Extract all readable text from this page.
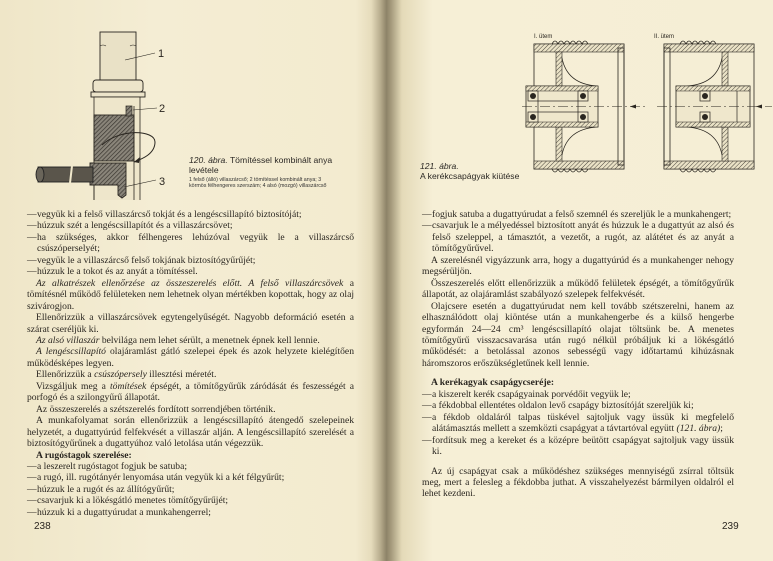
1
2
3
120. ábra. Tömítéssel kombinált anya levétele
1 felső (álló) villaszárcső; 2 tömítéssel kombinált anya; 3 körmös félhengeres szerszám; 4 alsó (mozgó) villaszárcső

—vegyük ki a felső villaszárcső tokját és a lengéscsillapító biztosítóját;

—húzzuk szét a lengéscsillapítót és a villaszárcsövet;

—ha szükséges, akkor félhengeres lehúzóval vegyük le a villaszárcső csúszóperselyét;

—vegyük le a villaszárcső felső tokjának biztosítógyűrűjét;

—húzzuk le a tokot és az anyát a tömítéssel.

Az alkatrészek ellenőrzése az összeszerelés előtt. A felső villaszárcsövek a tömítésnél működő felületeken nem lehetnek olyan mértékben kopottak, hogy az olaj szivárogjon.

Ellenőrizzük a villaszárcsövek egytengelyűségét. Nagyobb deformáció esetén a szárat cseréljük ki.

Az alsó villaszár belvilága nem lehet sérült, a menetnek épnek kell lennie.

A lengéscsillapító olajáramlást gátló szelepei épek és azok helyzete kielégítően működésképes legyen.

Ellenőrizzük a csúszópersely illesztési méretét.

Vizsgáljuk meg a tömítések épségét, a tömítőgyűrűk záródását és feszességét a porfogó és a szilongyűrű állapotát.

Az összeszerelés a szétszerelés fordított sorrendjében történik.

A munkafolyamat során ellenőrizzük a lengéscsillapító átengedő szelepeinek helyzetét, a dugattyúrúd felfekvését a villaszár alján. A lengéscsillapító szerelését a biztosítógyűrűnek a dugattyúhoz való letolása után végezzük.

A rugóstagok szerelése:

—a leszerelt rugóstagot fogjuk be satuba;

—a rugó, ill. rugótányér lenyomása után vegyük ki a két félgyűrűt;

—húzzuk le a rugót és az állítógyűrűt;

—csavarjuk ki a lökésgátló menetes tömítőgyűrűjét;

—húzzuk ki a dugattyúrudat a munkahengerrel;

238
I. ütem	II. ütem
121. ábra.
A kerékcsapágyak kiütése

—fogjuk satuba a dugattyúrudat a felső szemnél és szereljük le a munkahengert;

—csavarjuk le a mélyedéssel biztosított anyát és húzzuk le a dugattyút az alsó és felső szeleppel, a támasztót, a vezetőt, a rugót, az alátétet és az anyát a tömítőgyűrűvel.

A szerelésnél vigyázzunk arra, hogy a dugattyúrúd és a munkahenger nehogy megsérüljön.

Összeszerelés előtt ellenőrizzük a működő felületek épségét, a tömítőgyűrűk állapotát, az olajáramlást szabályozó szelepek felfekvését.

Olajcsere esetén a dugattyúrudat nem kell tovább szétszerelni, hanem az elhasználódott olaj kiöntése után a munkahengerbe és a külső hengerbe egyformán 24—24 cm³ lengéscsillapító olajat töltsünk be. A menetes tömítőgyűrű visszacsavarása után rugó nélkül próbáljuk ki a lökésgátló működését: a betolással azonos sebességű vagy időtartamú kihúzásnak háromszoros erőszükségletűnek kell lennie.

A kerékagyak csapágycseréje:

—a kiszerelt kerék csapágyainak porvédőit vegyük le;

—a fékdobbal ellentétes oldalon levő csapágy biztosítóját szereljük ki;

—a fékdob oldaláról talpas tüskével sajtoljuk vagy üssük ki megfelelő alátámasztás mellett a szemközti csapágyat a távtartóval együtt (121. ábra);

—fordítsuk meg a kereket és a középre beütött csapágyat sajtoljuk vagy üssük ki.

Az új csapágyat csak a működéshez szükséges mennyiségű zsírral töltsük meg, mert a felesleg a fékdobba juthat. A visszahelyezést bármilyen oldalról el lehet kezdeni.

239
